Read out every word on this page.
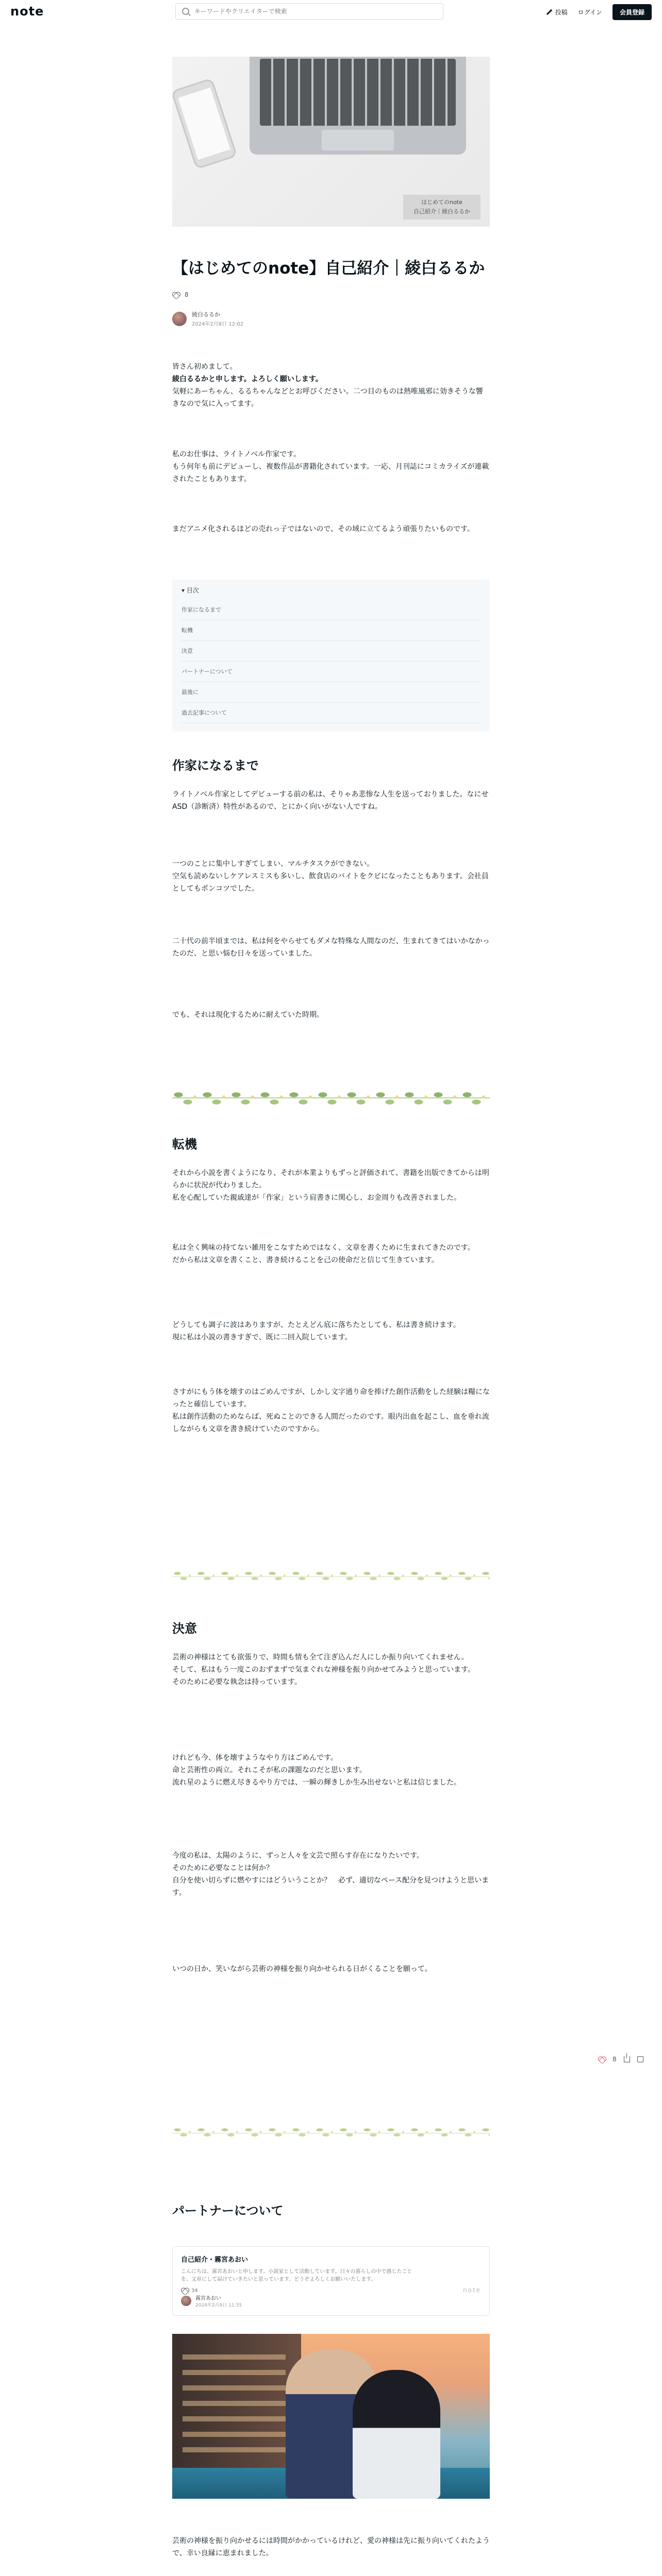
note
キーワードやクリエイターで検索	投稿 ログイン	会員登録
はじめてのnote
自己紹介｜綾白るるか
【はじめてのnote】自己紹介｜綾白るるか
8
綾白るるか
2024年2月8日 12:02
皆さん初めまして。
綾白るるかと申します。よろしく願いします。
気軽にあーちゃん、るるちゃんなどとお呼びください。二つ目のものは熱唯風邪に効きそうな響きなので気に入ってます。
私のお仕事は、ライトノベル作家です。
もう何年も前にデビューし、複数作品が書籍化されています。一応、月刊誌にコミカライズが連載されたこともあります。
まだアニメ化されるほどの売れっ子ではないので、その域に立てるよう頑張りたいものです。
▾ 目次
作家になるまで
転機
決意
パートナーについて
最後に
過去記事について
作家になるまで
ライトノベル作家としてデビューする前の私は、そりゃあ悲惨な人生を送っておりました。なにせASD（診断済）特性があるので、とにかく向いがない人ですね。
一つのことに集中しすぎてしまい、マルチタスクができない。
空気も読めないしケアレスミスも多いし、飲食店のバイトをクビになったこともあります。会社員としてもポンコツでした。
二十代の前半頃までは、私は何をやらせてもダメな特殊な人間なのだ、生まれてきてはいかなかったのだ、と思い悩む日々を送っていました。
でも、それは現化するために耐えていた時期。
転機
それから小説を書くようになり、それが本業よりもずっと評価されて、書籍を出版できてからは明らかに状況が代わりました。
私を心配していた親戚達が「作家」という肩書きに関心し、お金周りも改善されました。
私は全く興味の持てない雑用をこなすためではなく、文章を書くために生まれてきたのです。
だから私は文章を書くこと、書き続けることを己の使命だと信じて生きています。
どうしても調子に波はありますが、たとえどん底に落ちたとしても、私は書き続けます。
現に私は小説の書きすぎで、既に二回入院しています。
さすがにもう体を壊すのはごめんですが、しかし文字通り命を捧げた創作活動をした経験は糧になったと確信しています。
私は創作活動のためならば、死ぬことのできる人間だったのです。眼内出血を起こし、血を垂れ流しながらも文章を書き続けていたのですから。
決意
芸術の神様はとても欲張りで、時間も情も全て注ぎ込んだ人にしか振り向いてくれません。
そして、私はもう一度このおずまずで気まぐれな神様を振り向かせてみようと思っています。
そのために必要な執念は持っています。
けれども今、体を壊すようなやり方はごめんです。
命と芸術性の両立。それこそが私の課題なのだと思います。
流れ星のように燃え尽きるやり方では、一瞬の輝きしか生み出せないと私は信じました。
今度の私は、太陽のように、ずっと人々を文芸で照らす存在になりたいです。
そのために必要なことは何か？
自分を使い切らずに燃やすにはどういうことか？　必ず、適切なペース配分を見つけようと思います。
いつの日か、笑いながら芸術の神様を振り向かせられる日がくることを願って。
8
パートナーについて
自己紹介・霧宮あおい
こんにちは、霧宮あおいと申します。小説家として活動しています。日々の暮らしの中で感じたことを、文章にして届けていきたいと思っています。どうぞよろしくお願いいたします。
34	note
霧宮あおい
2024年2月8日 11:55
芸術の神様を振り向かせるには時間がかかっているけれど、愛の神様は先に振り向いてくれたようで、幸い良縁に恵まれました。
